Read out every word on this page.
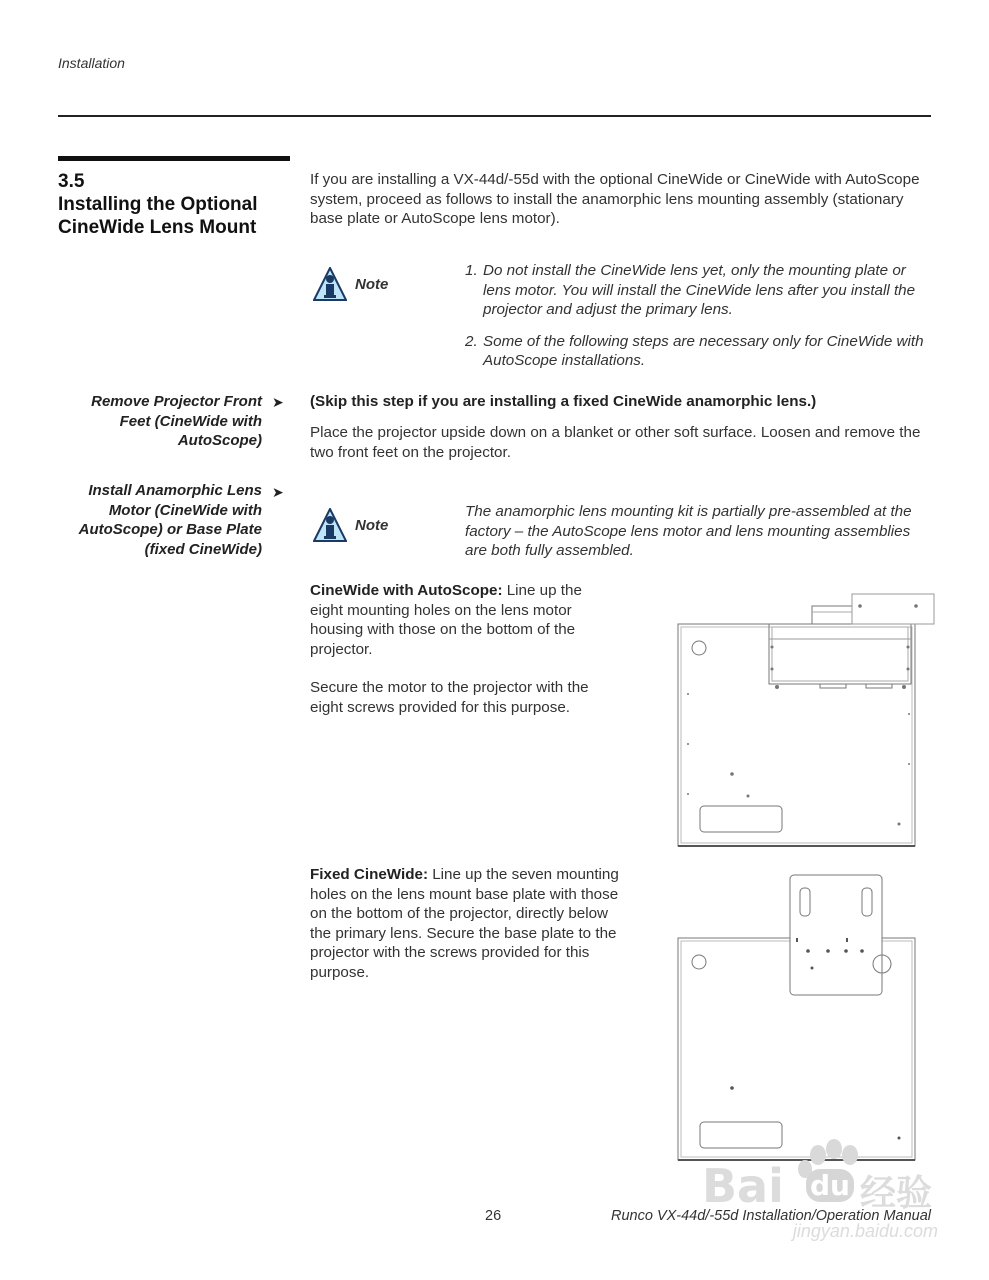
Installation
3.5
Installing the Optional
CineWide Lens Mount
If you are installing a VX-44d/-55d with the optional CineWide or CineWide with AutoScope system, proceed as follows to install the anamorphic lens mounting assembly (stationary base plate or AutoScope lens motor).
Note
1. Do not install the CineWide lens yet, only the mounting plate or lens motor. You will install the CineWide lens after you install the projector and adjust the primary lens.
2. Some of the following steps are necessary only for CineWide with AutoScope installations.
Remove Projector Front
Feet (CineWide with
AutoScope)
➤ (Skip this step if you are installing a fixed CineWide anamorphic lens.)
Place the projector upside down on a blanket or other soft surface. Loosen and remove the two front feet on the projector.
Install Anamorphic Lens
Motor (CineWide with
AutoScope) or Base Plate
(fixed CineWide)
➤
Note
The anamorphic lens mounting kit is partially pre-assembled at the factory – the AutoScope lens motor and lens mounting assemblies are both fully assembled.
CineWide with AutoScope: Line up the eight mounting holes on the lens motor housing with those on the bottom of the projector.
Secure the motor to the projector with the eight screws provided for this purpose.
Fixed CineWide: Line up the seven mounting holes on the lens mount base plate with those on the bottom of the projector, directly below the primary lens. Secure the base plate to the projector with the screws provided for this purpose.
Bai du 经验
jingyan.baidu.com
26	Runco VX-44d/-55d Installation/Operation Manual
